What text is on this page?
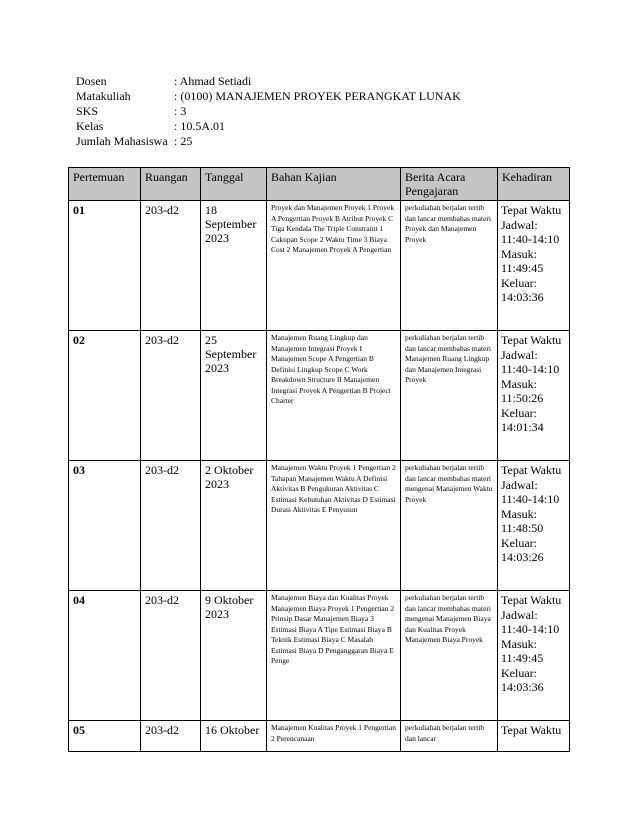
Dosen	: Ahmad Setiadi
Matakuliah	: (0100) MANAJEMEN PROYEK PERANGKAT LUNAK
SKS	: 3
Kelas	: 10.5A.01
Jumlah Mahasiswa	: 25
Pertemuan	Ruangan	Tanggal	Bahan Kajian	Berita Acara Pengajaran	Kehadiran
01	203-d2	18 September 2023	Proyek dan Manajemen Proyek 1 Proyek A Pengertian Proyek B Atribut Proyek C Tiga Kendala The Triple Constraint 1 Cakupan Scope 2 Waktu Time 3 Biaya Cost 2 Manajemen Proyek A Pengertian	perkuliahan berjalan tertib dan lancar membahas materi Proyek dan Manajemen Proyek	Tepat Waktu Jadwal: 11:40-14:10 Masuk: 11:49:45 Keluar: 14:03:36
02	203-d2	25 September 2023	Manajemen Ruang Lingkup dan Manajemen Integrasi Proyek I Manajemen Scope A Pengertian B Definisi Lingkup Scope C Work Breakdown Structure II Manajemen Integrasi Proyek A Pengertian B Project Charter	perkuliahan berjalan tertib dan lancar membahas materi Manajemen Ruang Lingkup dan Manajemen Integrasi Proyek	Tepat Waktu Jadwal: 11:40-14:10 Masuk: 11:50:26 Keluar: 14:01:34
03	203-d2	2 Oktober 2023	Manajemen Waktu Proyek 1 Pengertian 2 Tahapan Manajemen Waktu A Definisi Aktivitas B Pengukuran Aktivitas C Estimasi Kebutuhan Aktivitas D Estimasi Durasi Aktivitas E Penyusun	perkuliahan berjalan tertib dan lancar membahas materi mengenai Manajemen Waktu Proyek	Tepat Waktu Jadwal: 11:40-14:10 Masuk: 11:48:50 Keluar: 14:03:26
04	203-d2	9 Oktober 2023	Manajemen Biaya dan Kualitas Proyek Manajemen Biaya Proyek 1 Pengertian 2 Prinsip Dasar Manajemen Biaya 3 Estimasi Biaya A Tipe Estimasi Biaya B Teknik Estimasi Biaya C Masalah Estimasi Biaya D Penganggaran Biaya E Penge	perkuliahan berjalan tertib dan lancar membahas materi mengenai Manajemen Biaya dan Kualitas Proyek Manajemen Biaya Proyek	Tepat Waktu Jadwal: 11:40-14:10 Masuk: 11:49:45 Keluar: 14:03:36
05	203-d2	16 Oktober	Manajemen Kualitas Proyek 1 Pengertian 2 Perencanaan	perkuliahan berjalan tertib dan lancar	Tepat Waktu
